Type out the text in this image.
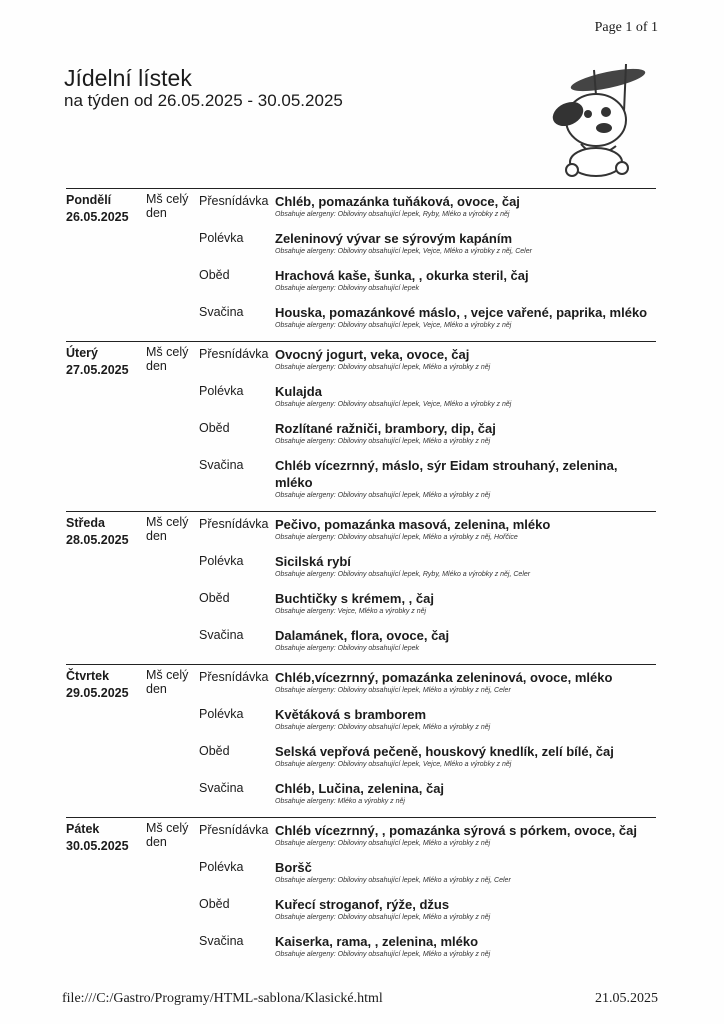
Page 1 of 1
Jídelní lístek
na týden od 26.05.2025 - 30.05.2025
Pondělí
26.05.2025
Mš celý den
Přesnídávka Chléb, pomazánka tuňáková, ovoce, čaj
Obsahuje alergeny: Obiloviny obsahující lepek, Ryby, Mléko a výrobky z něj
Polévka	Zeleninový vývar se sýrovým kapáním
Obsahuje alergeny: Obiloviny obsahující lepek, Vejce, Mléko a výrobky z něj, Celer
Oběd	Hrachová kaše, šunka, , okurka steril, čaj
Obsahuje alergeny: Obiloviny obsahující lepek
Svačina	Houska, pomazánkové máslo, , vejce vařené, paprika, mléko
Obsahuje alergeny: Obiloviny obsahující lepek, Vejce, Mléko a výrobky z něj
Úterý
27.05.2025
Mš celý den
Přesnídávka Ovocný jogurt, veka, ovoce, čaj
Obsahuje alergeny: Obiloviny obsahující lepek, Mléko a výrobky z něj
Polévka	Kulajda
Obsahuje alergeny: Obiloviny obsahující lepek, Vejce, Mléko a výrobky z něj
Oběd	Rozlítané ražniči, brambory, dip, čaj
Obsahuje alergeny: Obiloviny obsahující lepek, Mléko a výrobky z něj
Svačina	Chléb vícezrnný, máslo, sýr Eidam strouhaný, zelenina, mléko
Obsahuje alergeny: Obiloviny obsahující lepek, Mléko a výrobky z něj
Středa
28.05.2025
Mš celý den
Přesnídávka Pečivo, pomazánka masová, zelenina, mléko
Obsahuje alergeny: Obiloviny obsahující lepek, Mléko a výrobky z něj, Hořčice
Polévka	Sicilská rybí
Obsahuje alergeny: Obiloviny obsahující lepek, Ryby, Mléko a výrobky z něj, Celer
Oběd	Buchtičky s krémem, , čaj
Obsahuje alergeny: Vejce, Mléko a výrobky z něj
Svačina	Dalamánek, flora, ovoce, čaj
Obsahuje alergeny: Obiloviny obsahující lepek
Čtvrtek
29.05.2025
Mš celý den
Přesnídávka Chléb,vícezrnný, pomazánka zeleninová, ovoce, mléko
Obsahuje alergeny: Obiloviny obsahující lepek, Mléko a výrobky z něj, Celer
Polévka	Květáková s bramborem
Obsahuje alergeny: Obiloviny obsahující lepek, Mléko a výrobky z něj
Oběd	Selská vepřová pečeně, houskový knedlík, zelí bílé, čaj
Obsahuje alergeny: Obiloviny obsahující lepek, Vejce, Mléko a výrobky z něj
Svačina	Chléb, Lučina, zelenina, čaj
Obsahuje alergeny: Mléko a výrobky z něj
Pátek
30.05.2025
Mš celý den
Přesnídávka Chléb vícezrnný, , pomazánka sýrová s pórkem, ovoce, čaj
Obsahuje alergeny: Obiloviny obsahující lepek, Mléko a výrobky z něj
Polévka	Boršč
Obsahuje alergeny: Obiloviny obsahující lepek, Mléko a výrobky z něj, Celer
Oběd	Kuřecí stroganof, rýže, džus
Obsahuje alergeny: Obiloviny obsahující lepek, Mléko a výrobky z něj
Svačina	Kaiserka, rama, , zelenina, mléko
Obsahuje alergeny: Obiloviny obsahující lepek, Mléko a výrobky z něj
file:///C:/Gastro/Programy/HTML-sablona/Klasické.html	21.05.2025
